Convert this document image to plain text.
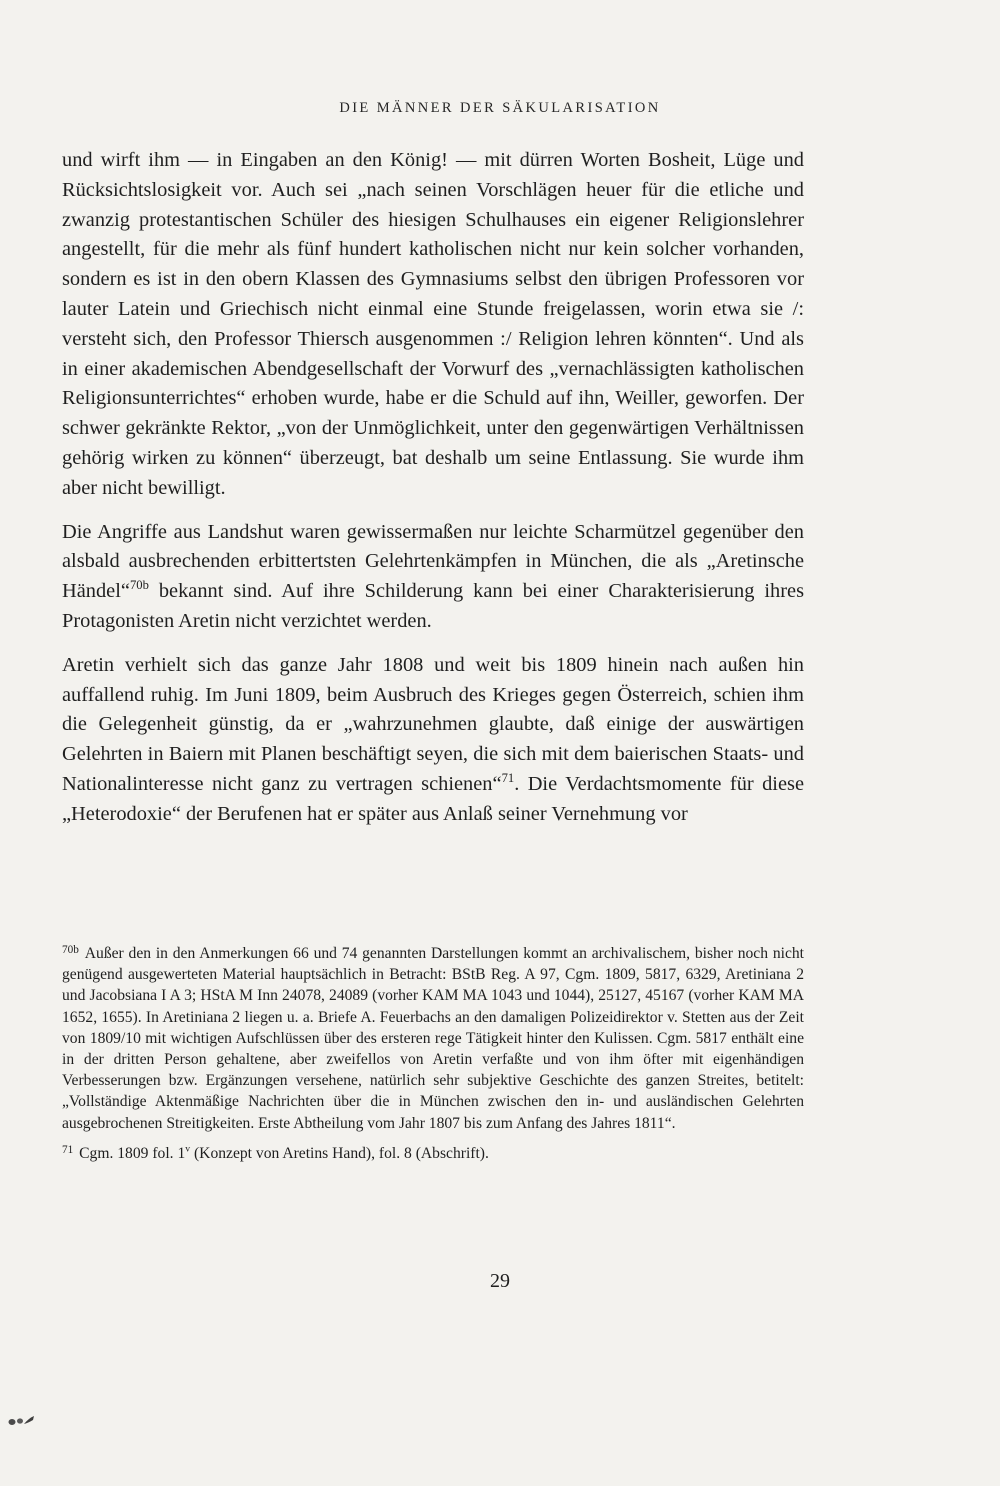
DIE MÄNNER DER SÄKULARISATION

und wirft ihm — in Eingaben an den König! — mit dürren Worten Bosheit, Lüge und Rücksichtslosigkeit vor. Auch sei „nach seinen Vorschlägen heuer für die etliche und zwanzig protestantischen Schüler des hiesigen Schulhauses ein eigener Religionslehrer angestellt, für die mehr als fünf hundert katholischen nicht nur kein solcher vorhanden, sondern es ist in den obern Klassen des Gymnasiums selbst den übrigen Professoren vor lauter Latein und Griechisch nicht einmal eine Stunde freigelassen, worin etwa sie /: versteht sich, den Professor Thiersch ausgenommen :/ Religion lehren könnten“. Und als in einer akademischen Abendgesellschaft der Vorwurf des „vernachlässigten katholischen Religionsunterrichtes“ erhoben wurde, habe er die Schuld auf ihn, Weiller, geworfen. Der schwer gekränkte Rektor, „von der Unmöglichkeit, unter den gegenwärtigen Verhältnissen gehörig wirken zu können“ überzeugt, bat deshalb um seine Entlassung. Sie wurde ihm aber nicht bewilligt.

Die Angriffe aus Landshut waren gewissermaßen nur leichte Scharmützel gegenüber den alsbald ausbrechenden erbittertsten Gelehrtenkämpfen in München, die als „Aretinsche Händel“$^{70b}$ bekannt sind. Auf ihre Schilderung kann bei einer Charakterisierung ihres Protagonisten Aretin nicht verzichtet werden.

Aretin verhielt sich das ganze Jahr 1808 und weit bis 1809 hinein nach außen hin auffallend ruhig. Im Juni 1809, beim Ausbruch des Krieges gegen Österreich, schien ihm die Gelegenheit günstig, da er „wahrzunehmen glaubte, daß einige der auswärtigen Gelehrten in Baiern mit Planen beschäftigt seyen, die sich mit dem baierischen Staats- und Nationalinteresse nicht ganz zu vertragen schienen“$^{71}$. Die Verdachtsmomente für diese „Heterodoxie“ der Berufenen hat er später aus Anlaß seiner Vernehmung vor

$^{70b}$ Außer den in den Anmerkungen 66 und 74 genannten Darstellungen kommt an archivalischem, bisher noch nicht genügend ausgewerteten Material hauptsächlich in Betracht: BStB Reg. A 97, Cgm. 1809, 5817, 6329, Aretiniana 2 und Jacobsiana I A 3; HStA M Inn 24078, 24089 (vorher KAM MA 1043 und 1044), 25127, 45167 (vorher KAM MA 1652, 1655). In Aretiniana 2 liegen u. a. Briefe A. Feuerbachs an den damaligen Polizeidirektor v. Stetten aus der Zeit von 1809/10 mit wichtigen Aufschlüssen über des ersteren rege Tätigkeit hinter den Kulissen. Cgm. 5817 enthält eine in der dritten Person gehaltene, aber zweifellos von Aretin verfaßte und von ihm öfter mit eigenhändigen Verbesserungen bzw. Ergänzungen versehene, natürlich sehr subjektive Geschichte des ganzen Streites, betitelt: „Vollständige Aktenmäßige Nachrichten über die in München zwischen den in- und ausländischen Gelehrten ausgebrochenen Streitigkeiten. Erste Abtheilung vom Jahr 1807 bis zum Anfang des Jahres 1811“.

$^{71}$ Cgm. 1809 fol. 1$^v$ (Konzept von Aretins Hand), fol. 8 (Abschrift).

29
